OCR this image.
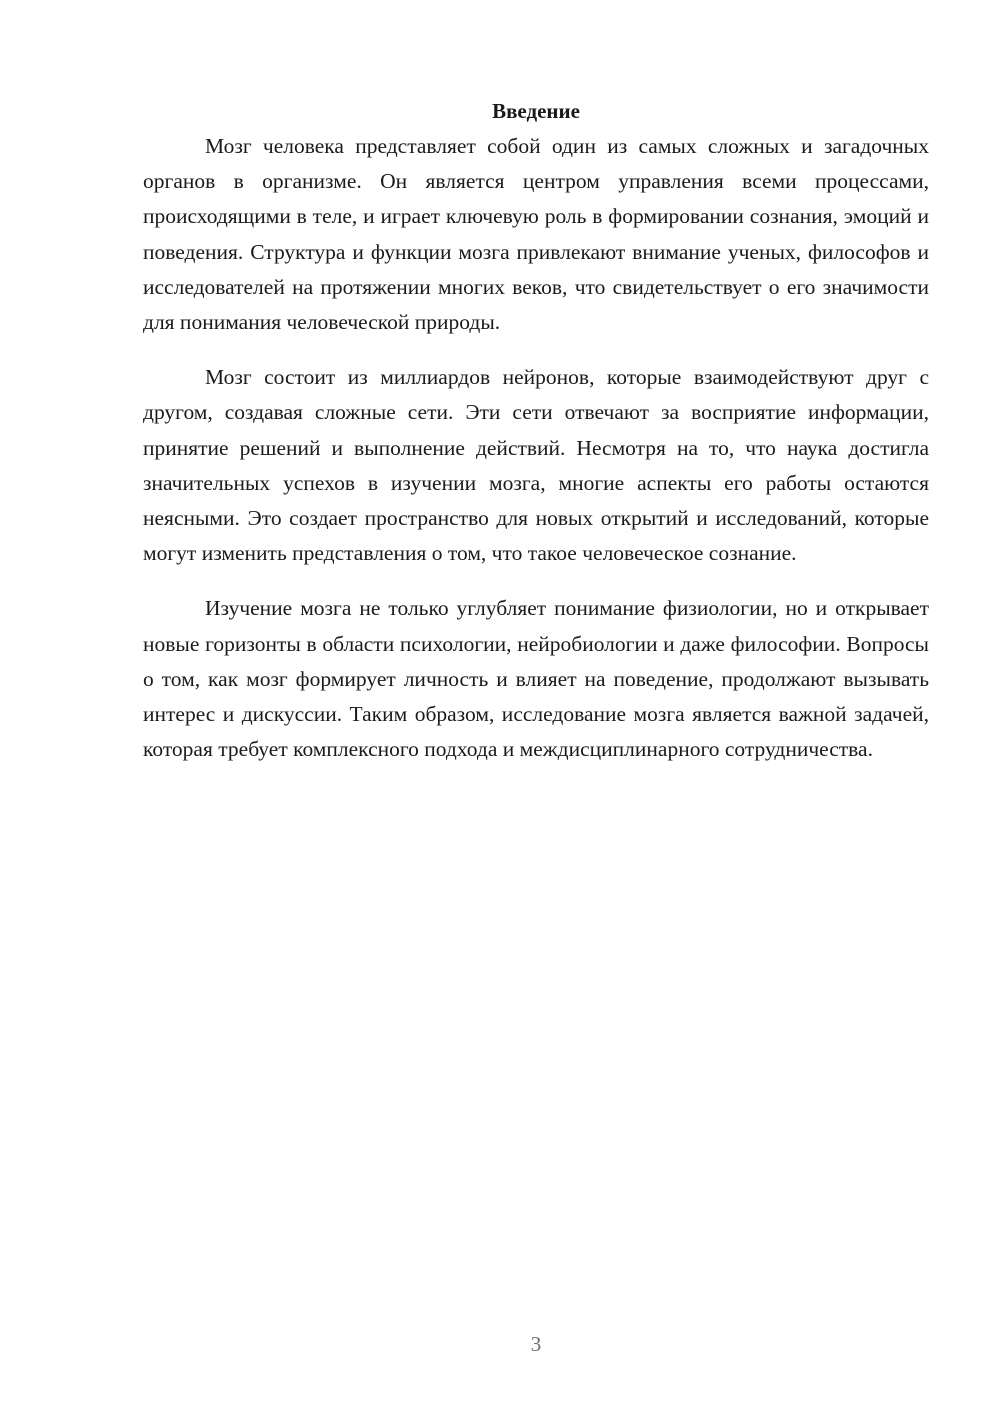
Введение

Мозг человека представляет собой один из самых сложных и загадочных органов в организме. Он является центром управления всеми процессами, происходящими в теле, и играет ключевую роль в формировании сознания, эмоций и поведения. Структура и функции мозга привлекают внимание ученых, философов и исследователей на протяжении многих веков, что свидетельствует о его значимости для понимания человеческой природы.

Мозг состоит из миллиардов нейронов, которые взаимодействуют друг с другом, создавая сложные сети. Эти сети отвечают за восприятие информации, принятие решений и выполнение действий. Несмотря на то, что наука достигла значительных успехов в изучении мозга, многие аспекты его работы остаются неясными. Это создает пространство для новых открытий и исследований, которые могут изменить представления о том, что такое человеческое сознание.

Изучение мозга не только углубляет понимание физиологии, но и открывает новые горизонты в области психологии, нейробиологии и даже философии. Вопросы о том, как мозг формирует личность и влияет на поведение, продолжают вызывать интерес и дискуссии. Таким образом, исследование мозга является важной задачей, которая требует комплексного подхода и междисциплинарного сотрудничества.

3
